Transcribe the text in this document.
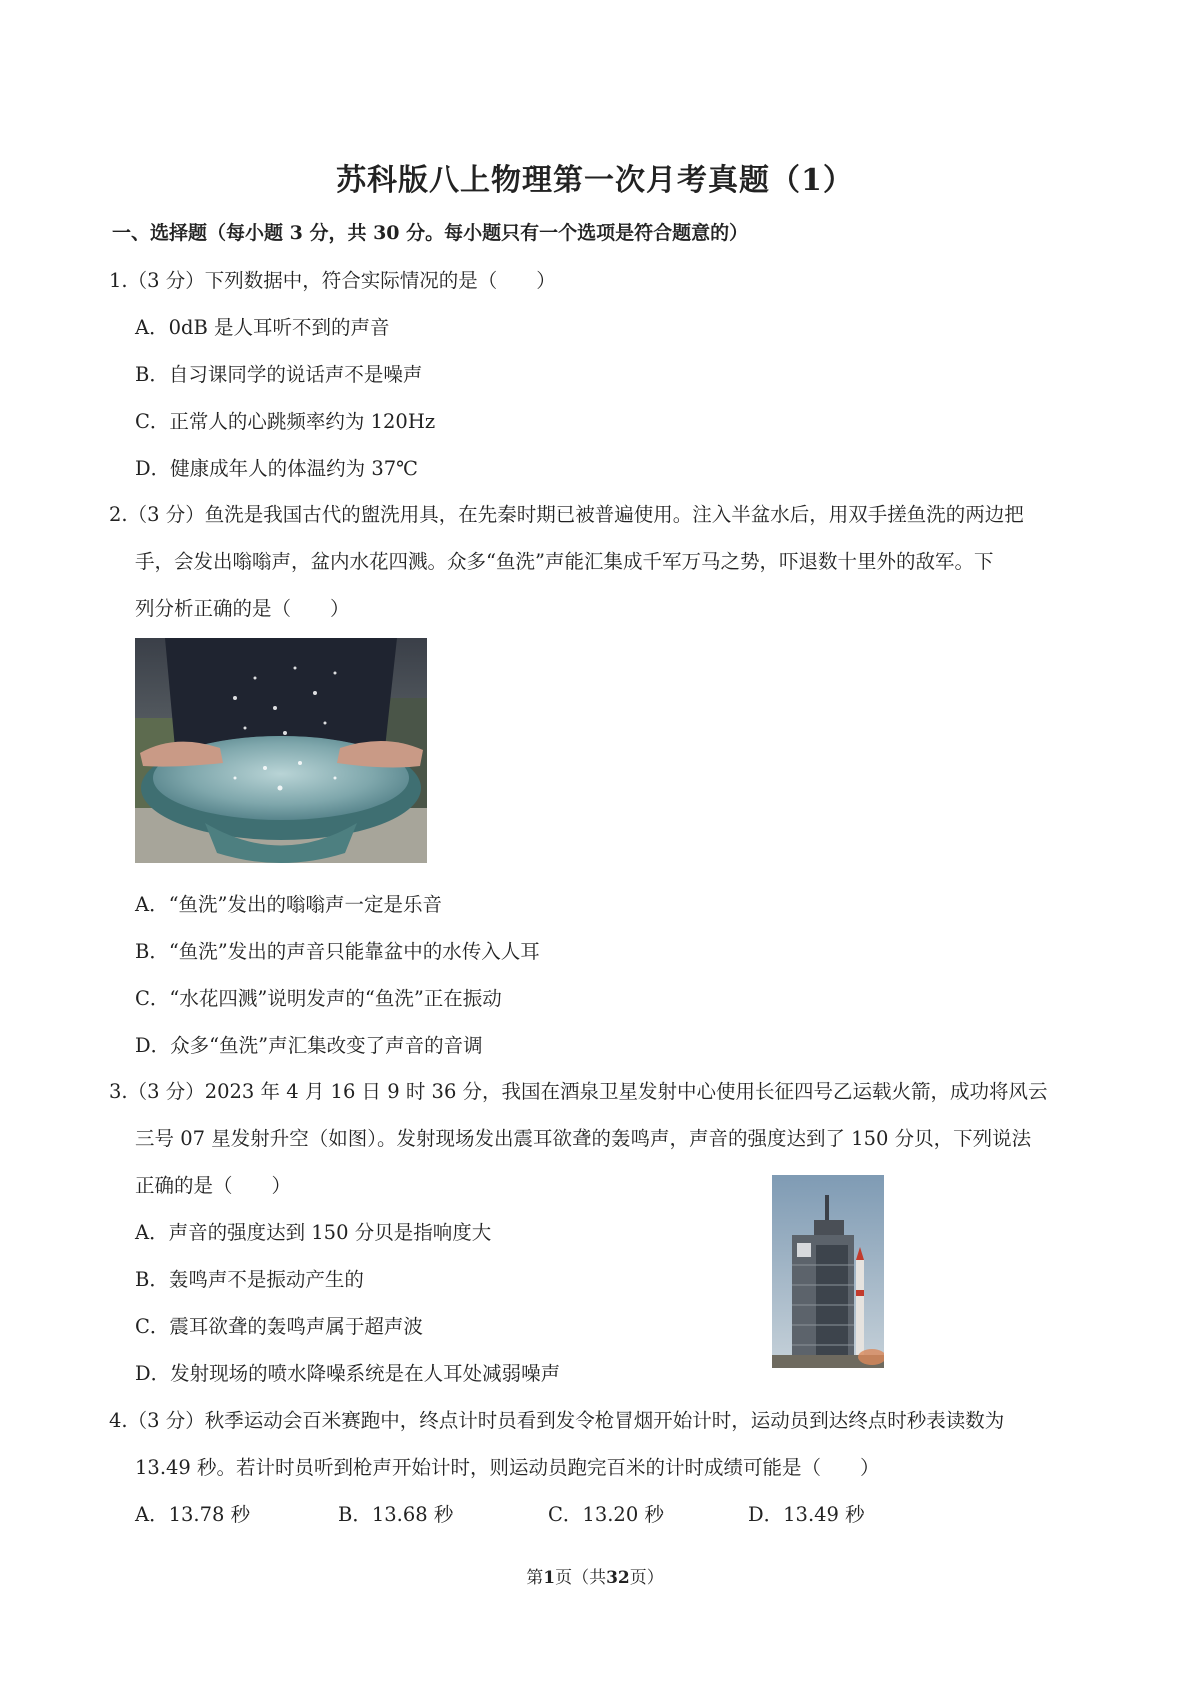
苏科版八上物理第一次月考真题（1）
一、选择题（每小题 3 分，共 30 分。每小题只有一个选项是符合题意的）
1.（3 分）下列数据中，符合实际情况的是（　　）
A．0dB 是人耳听不到的声音
B．自习课同学的说话声不是噪声
C．正常人的心跳频率约为 120Hz
D．健康成年人的体温约为 37℃
2.（3 分）鱼洗是我国古代的盥洗用具，在先秦时期已被普遍使用。注入半盆水后，用双手搓鱼洗的两边把
手，会发出嗡嗡声，盆内水花四溅。众多“鱼洗”声能汇集成千军万马之势，吓退数十里外的敌军。下
列分析正确的是（　　）
A．“鱼洗”发出的嗡嗡声一定是乐音
B．“鱼洗”发出的声音只能靠盆中的水传入人耳
C．“水花四溅”说明发声的“鱼洗”正在振动
D．众多“鱼洗”声汇集改变了声音的音调
3.（3 分）2023 年 4 月 16 日 9 时 36 分，我国在酒泉卫星发射中心使用长征四号乙运载火箭，成功将风云
三号 07 星发射升空（如图）。发射现场发出震耳欲聋的轰鸣声，声音的强度达到了 150 分贝，下列说法
正确的是（　　）
A．声音的强度达到 150 分贝是指响度大
B．轰鸣声不是振动产生的
C．震耳欲聋的轰鸣声属于超声波
D．发射现场的喷水降噪系统是在人耳处减弱噪声
4.（3 分）秋季运动会百米赛跑中，终点计时员看到发令枪冒烟开始计时，运动员到达终点时秒表读数为
13.49 秒。若计时员听到枪声开始计时，则运动员跑完百米的计时成绩可能是（　　）
A．13.78 秒	B．13.68 秒	C．13.20 秒	D．13.49 秒
第1页（共32页）
